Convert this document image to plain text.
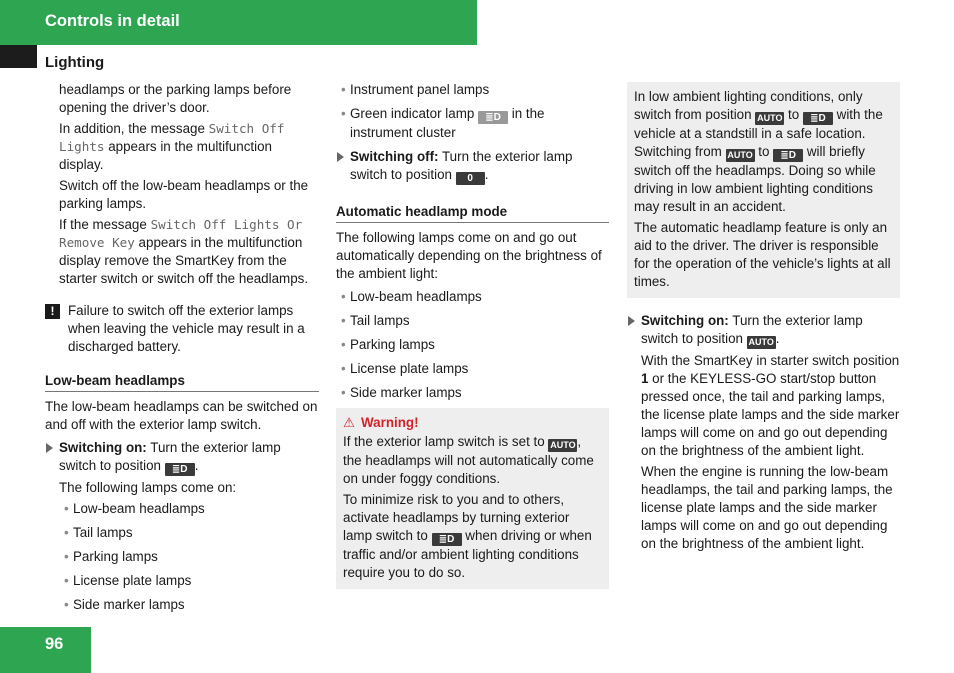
Controls in detail
Lighting

headlamps or the parking lamps before opening the driver’s door.

In addition, the message Switch Off Lights appears in the multifunction display.

Switch off the low-beam headlamps or the parking lamps.

If the message Switch Off Lights Or Remove Key appears in the multifunction display remove the SmartKey from the starter switch or switch off the headlamps.

!	Failure to switch off the exterior lamps when leaving the vehicle may result in a discharged battery.
Low-beam headlamps

The low-beam headlamps can be switched on and off with the exterior lamp switch.

Switching on: Turn the exterior lamp switch to position ≣D .

The following lamps come on:

• Low-beam headlamps
• Tail lamps
• Parking lamps
• License plate lamps
• Side marker lamps
• Instrument panel lamps
• Green indicator lamp ≣D in the instrument cluster
Switching off: Turn the exterior lamp switch to position 0 .
Automatic headlamp mode

The following lamps come on and go out automatically depending on the brightness of the ambient light:

• Low-beam headlamps
• Tail lamps
• Parking lamps
• License plate lamps
• Side marker lamps
⚠ Warning!

If the exterior lamp switch is set to AUTO , the headlamps will not automatically come on under foggy conditions.

To minimize risk to you and to others, activate headlamps by turning exterior lamp switch to ≣D when driving or when traffic and/or ambient lighting conditions require you to do so.

In low ambient lighting conditions, only switch from position AUTO to ≣D with the vehicle at a standstill in a safe location. Switching from AUTO to ≣D will briefly switch off the headlamps. Doing so while driving in low ambient lighting conditions may result in an accident.

The automatic headlamp feature is only an aid to the driver. The driver is responsible for the operation of the vehicle’s lights at all times.

Switching on: Turn the exterior lamp switch to position AUTO .

With the SmartKey in starter switch position 1 or the KEYLESS-GO start/stop button pressed once, the tail and parking lamps, the license plate lamps and the side marker lamps will come on and go out depending on the brightness of the ambient light.

When the engine is running the low-beam headlamps, the tail and parking lamps, the license plate lamps and the side marker lamps will come on and go out depending on the brightness of the ambient light.

96
